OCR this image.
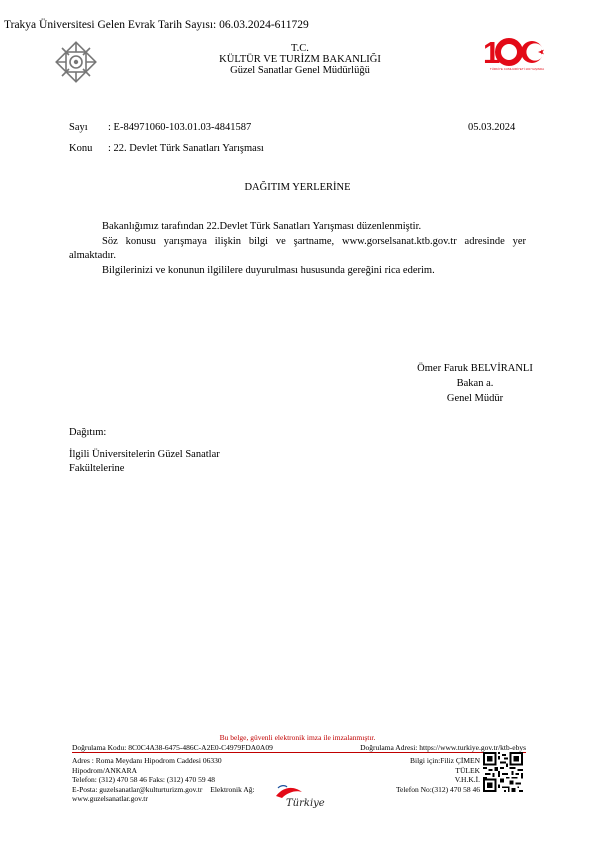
Trakya Üniversitesi Gelen Evrak Tarih Sayısı: 06.03.2024-611729
T.C.
KÜLTÜR VE TURİZM BAKANLIĞI
Güzel Sanatlar Genel Müdürlüğü
1
TÜRKİYE CUMHURİYETİ 100 YAŞINDA
Sayı : E-84971060-103.01.03-4841587	05.03.2024
Konu : 22. Devlet Türk Sanatları Yarışması
DAĞITIM YERLERİNE

Bakanlığımız tarafından 22.Devlet Türk Sanatları Yarışması düzenlenmiştir.

Söz konusu yarışmaya ilişkin bilgi ve şartname, www.gorselsanat.ktb.gov.tr adresinde yer almaktadır.

Bilgilerinizi ve konunun ilgililere duyurulması hususunda gereğini rica ederim.

Ömer Faruk BELVİRANLI
Bakan a.
Genel Müdür
Dağıtım:
İlgili Üniversitelerin Güzel Sanatlar
Fakültelerine
Bu belge, güvenli elektronik imza ile imzalanmıştır.
Doğrulama Kodu: 8C0C4A38-6475-486C-A2E0-C4979FDA0A09	Doğrulama Adresi: https://www.turkiye.gov.tr/ktb-ebys
Adres : Roma Meydanı Hipodrom Caddesi 06330
Hipodrom/ANKARA
Telefon: (312) 470 58 46 Faks: (312) 470 59 48
E-Posta: guzelsanatlar@kulturturizm.gov.tr Elektronik Ağ:
www.guzelsanatlar.gov.tr
Bilgi için:Filiz ÇİMEN
TÜLEK
V.H.K.İ.
Telefon No:(312) 470 58 46
Türkiye
